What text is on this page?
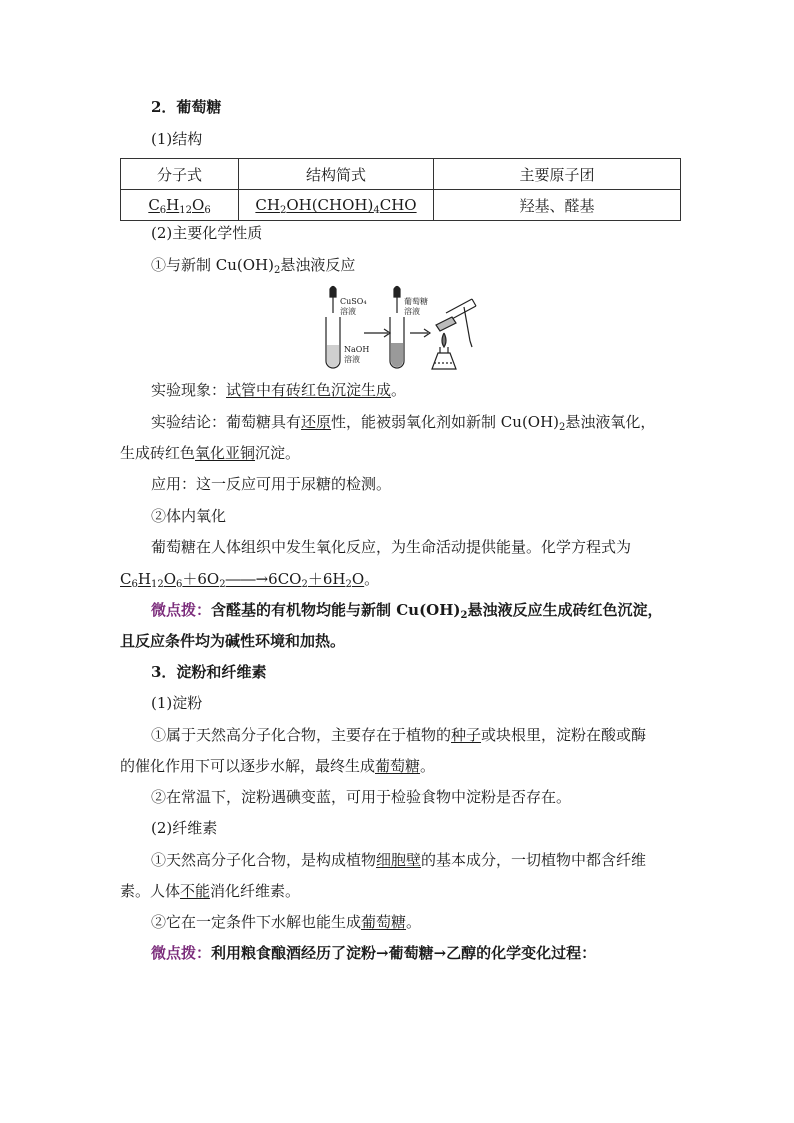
2．葡萄糖
(1)结构
分子式	结构简式	主要原子团
$C_6H_{12}O_6$	$CH_2OH(CHOH)_4CHO$	羟基、醛基
(2)主要化学性质
①与新制 $Cu(OH)_2$悬浊液反应
CuSO₄
溶液
葡萄糖
溶液
NaOH
溶液
实验现象：试管中有砖红色沉淀生成。
实验结论：葡萄糖具有还原性，能被弱氧化剂如新制 $Cu(OH)_2$悬浊液氧化，
生成砖红色氧化亚铜沉淀。
应用：这一反应可用于尿糖的检测。
②体内氧化
葡萄糖在人体组织中发生氧化反应，为生命活动提供能量。化学方程式为
$C_6H_{12}O_6+6O_2――\to 6CO_2+6H_2O$。
微点拨：含醛基的有机物均能与新制 $Cu(OH)_2$悬浊液反应生成砖红色沉淀，
且反应条件均为碱性环境和加热。
3．淀粉和纤维素
(1)淀粉
①属于天然高分子化合物，主要存在于植物的种子或块根里，淀粉在酸或酶
的催化作用下可以逐步水解，最终生成葡萄糖。
②在常温下，淀粉遇碘变蓝，可用于检验食物中淀粉是否存在。
(2)纤维素
①天然高分子化合物，是构成植物细胞壁的基本成分，一切植物中都含纤维
素。人体不能消化纤维素。
②它在一定条件下水解也能生成葡萄糖。
微点拨：利用粮食酿酒经历了淀粉→葡萄糖→乙醇的化学变化过程：
